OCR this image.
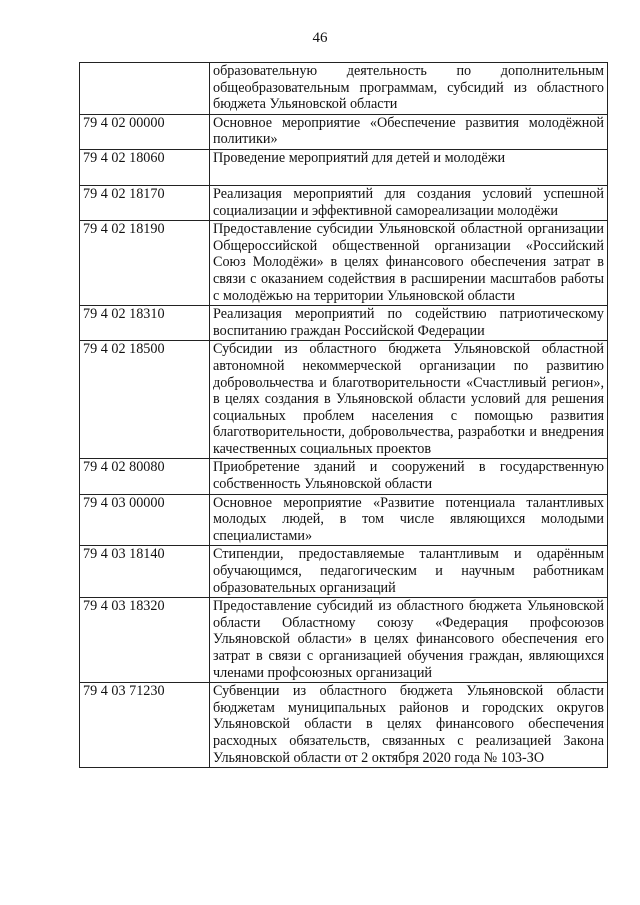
46
	образовательную деятельность по дополнительным общеобразовательным программам, субсидий из областного бюджета Ульяновской области
79 4 02 00000	Основное мероприятие «Обеспечение развития молодёжной политики»
79 4 02 18060	Проведение мероприятий для детей и молодёжи
79 4 02 18170	Реализация мероприятий для создания условий успешной социализации и эффективной самореализации молодёжи
79 4 02 18190	Предоставление субсидии Ульяновской областной организации Общероссийской общественной организации «Российский Союз Молодёжи» в целях финансового обеспечения затрат в связи с оказанием содействия в расширении масштабов работы с молодёжью на территории Ульяновской области
79 4 02 18310	Реализация мероприятий по содействию патриотическому воспитанию граждан Российской Федерации
79 4 02 18500	Субсидии из областного бюджета Ульяновской областной автономной некоммерческой организации по развитию добровольчества и благотворительности «Счастливый регион», в целях создания в Ульяновской области условий для решения социальных проблем населения с помощью развития благотворительности, добровольчества, разработки и внедрения качественных социальных проектов
79 4 02 80080	Приобретение зданий и сооружений в государственную собственность Ульяновской области
79 4 03 00000	Основное мероприятие «Развитие потенциала талантливых молодых людей, в том числе являющихся молодыми специалистами»
79 4 03 18140	Стипендии, предоставляемые талантливым и одарённым обучающимся, педагогическим и научным работникам образовательных организаций
79 4 03 18320	Предоставление субсидий из областного бюджета Ульяновской области Областному союзу «Федерация профсоюзов Ульяновской области» в целях финансового обеспечения его затрат в связи с организацией обучения граждан, являющихся членами профсоюзных организаций
79 4 03 71230	Субвенции из областного бюджета Ульяновской области бюджетам муниципальных районов и городских округов Ульяновской области в целях финансового обеспечения расходных обязательств, связанных с реализацией Закона Ульяновской области от 2 октября 2020 года № 103-ЗО
